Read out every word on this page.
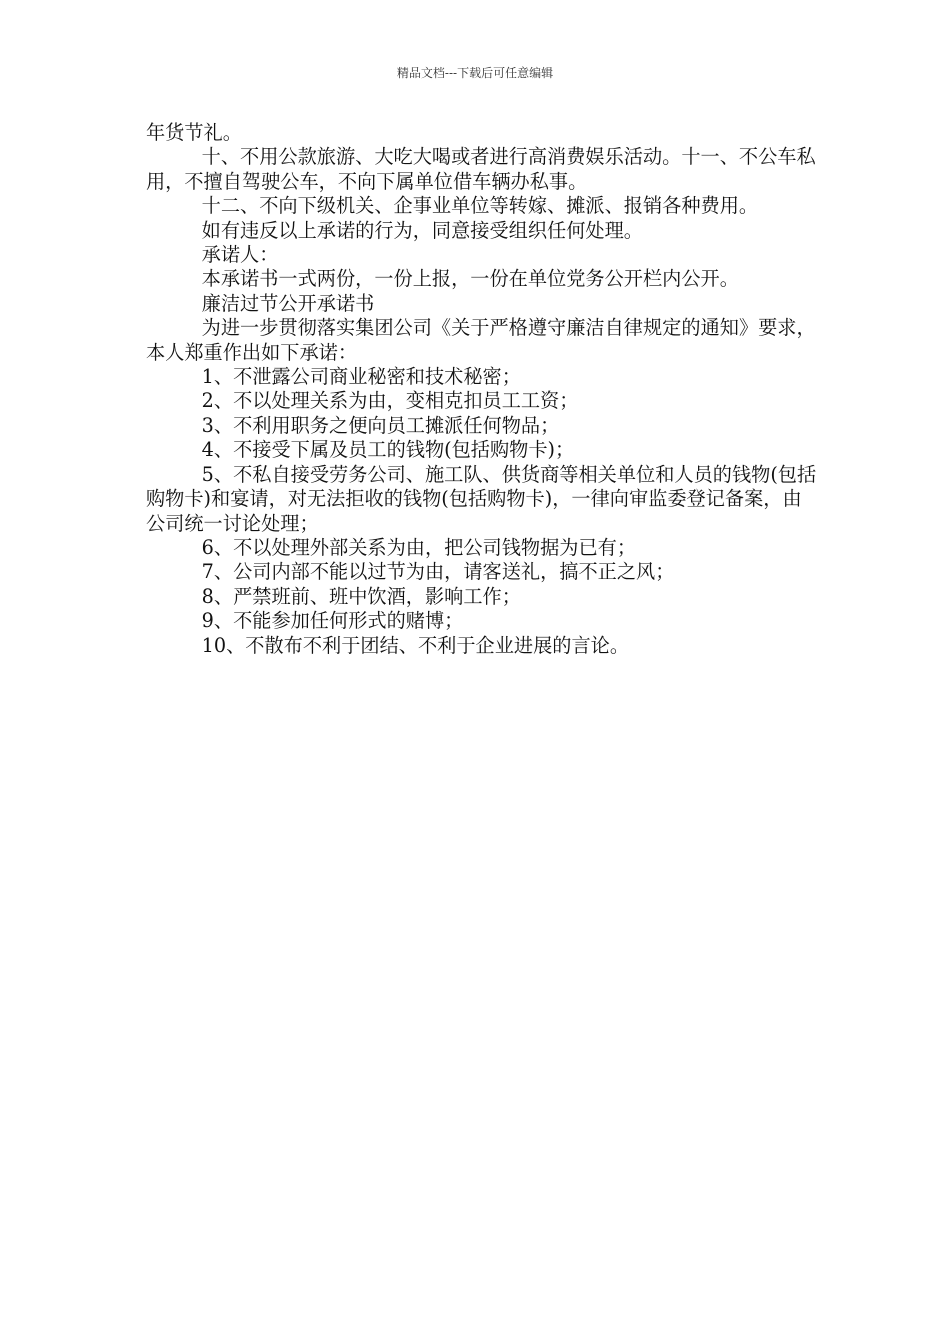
精品文档---下载后可任意编辑

年货节礼。

十、不用公款旅游、大吃大喝或者进行高消费娱乐活动。十一、不公车私用，不擅自驾驶公车，不向下属单位借车辆办私事。

十二、不向下级机关、企事业单位等转嫁、摊派、报销各种费用。

如有违反以上承诺的行为，同意接受组织任何处理。

承诺人：

本承诺书一式两份，一份上报，一份在单位党务公开栏内公开。

廉洁过节公开承诺书

为进一步贯彻落实集团公司《关于严格遵守廉洁自律规定的通知》要求，本人郑重作出如下承诺：

1、不泄露公司商业秘密和技术秘密；

2、不以处理关系为由，变相克扣员工工资；

3、不利用职务之便向员工摊派任何物品；

4、不接受下属及员工的钱物(包括购物卡)；

5、不私自接受劳务公司、施工队、供货商等相关单位和人员的钱物(包括购物卡)和宴请，对无法拒收的钱物(包括购物卡)，一律向审监委登记备案，由公司统一讨论处理；

6、不以处理外部关系为由，把公司钱物据为已有；

7、公司内部不能以过节为由，请客送礼，搞不正之风；

8、严禁班前、班中饮酒，影响工作；

9、不能参加任何形式的赌博；

10、不散布不利于团结、不利于企业进展的言论。
